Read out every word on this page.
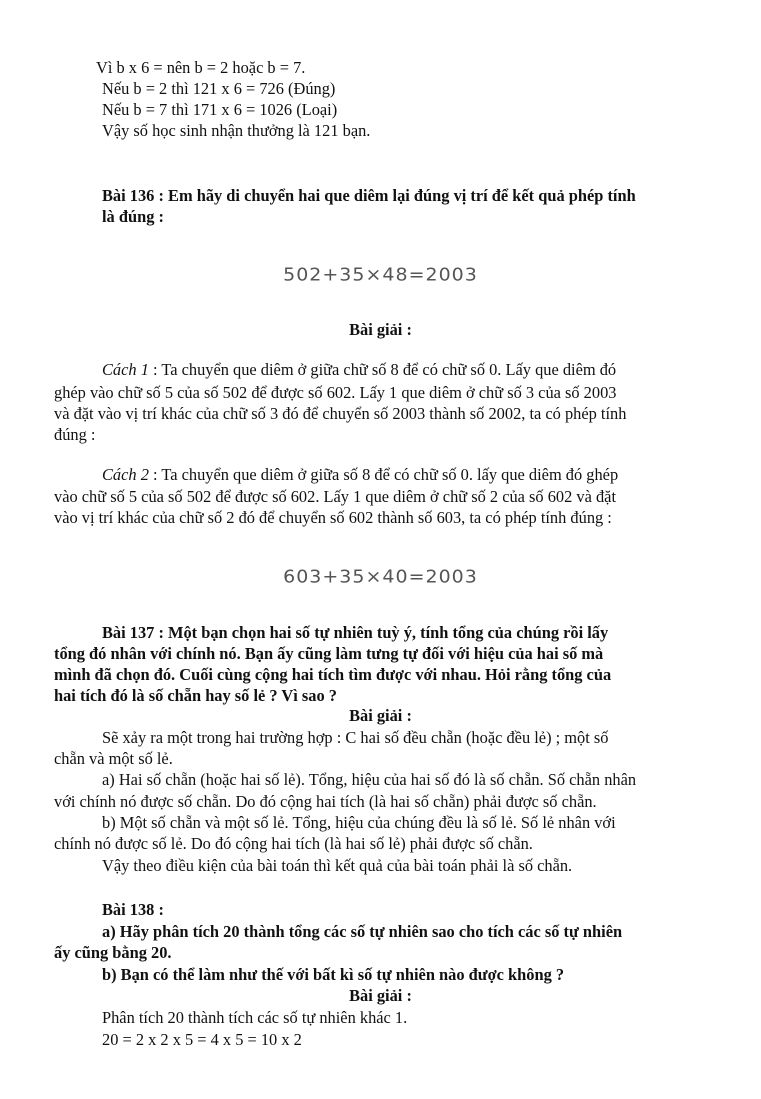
Vì b x 6 = nên b = 2 hoặc b = 7.
Nếu b = 2 thì 121 x 6 = 726 (Đúng)
Nếu b = 7 thì 171 x 6 = 1026 (Loại)
Vậy số học sinh nhận thưởng là 121 bạn.
Bài 136 : Em hãy di chuyển hai que diêm lại đúng vị trí để kết quả phép tính
là đúng :
502+35×48=2003
Bài giải :
Cách 1 : Ta chuyển que diêm ở giữa chữ số 8 để có chữ số 0. Lấy que diêm đó
ghép vào chữ số 5 của số 502 để được số 602. Lấy 1 que diêm ở chữ số 3 của số 2003
và đặt vào vị trí khác của chữ số 3 đó để chuyển số 2003 thành số 2002, ta có phép tính
đúng :
Cách 2 : Ta chuyển que diêm ở giữa số 8 để có chữ số 0. lấy que diêm đó ghép
vào chữ số 5 của số 502 để được số 602. Lấy 1 que diêm ở chữ số 2 của số 602 và đặt
vào vị trí khác của chữ số 2 đó để chuyển số 602 thành số 603, ta có phép tính đúng :
603+35×40=2003
Bài 137 : Một bạn chọn hai số tự nhiên tuỳ ý, tính tổng của chúng rồi lấy
tổng đó nhân với chính nó. Bạn ấy cũng làm tưng tự đối với hiệu của hai số mà
mình đã chọn đó. Cuối cùng cộng hai tích tìm được với nhau. Hỏi rằng tổng của
hai tích đó là số chẵn hay số lẻ ? Vì sao ?
Bài giải :
Sẽ xảy ra một trong hai trường hợp : C hai số đều chẵn (hoặc đều lẻ) ; một số
chẵn và một số lẻ.
a) Hai số chẵn (hoặc hai số lẻ). Tổng, hiệu của hai số đó là số chẵn. Số chẵn nhân
với chính nó được số chẵn. Do đó cộng hai tích (là hai số chẵn) phải được số chẵn.
b) Một số chẵn và một số lẻ. Tổng, hiệu của chúng đều là số lẻ. Số lẻ nhân với
chính nó được số lẻ. Do đó cộng hai tích (là hai số lẻ) phải được số chẵn.
Vậy theo điều kiện của bài toán thì kết quả của bài toán phải là số chẵn.
Bài 138 :
a) Hãy phân tích 20 thành tổng các số tự nhiên sao cho tích các số tự nhiên
ấy cũng bằng 20.
b) Bạn có thể làm như thế với bất kì số tự nhiên nào được không ?
Bài giải :
Phân tích 20 thành tích các số tự nhiên khác 1.
20 = 2 x 2 x 5 = 4 x 5 = 10 x 2
